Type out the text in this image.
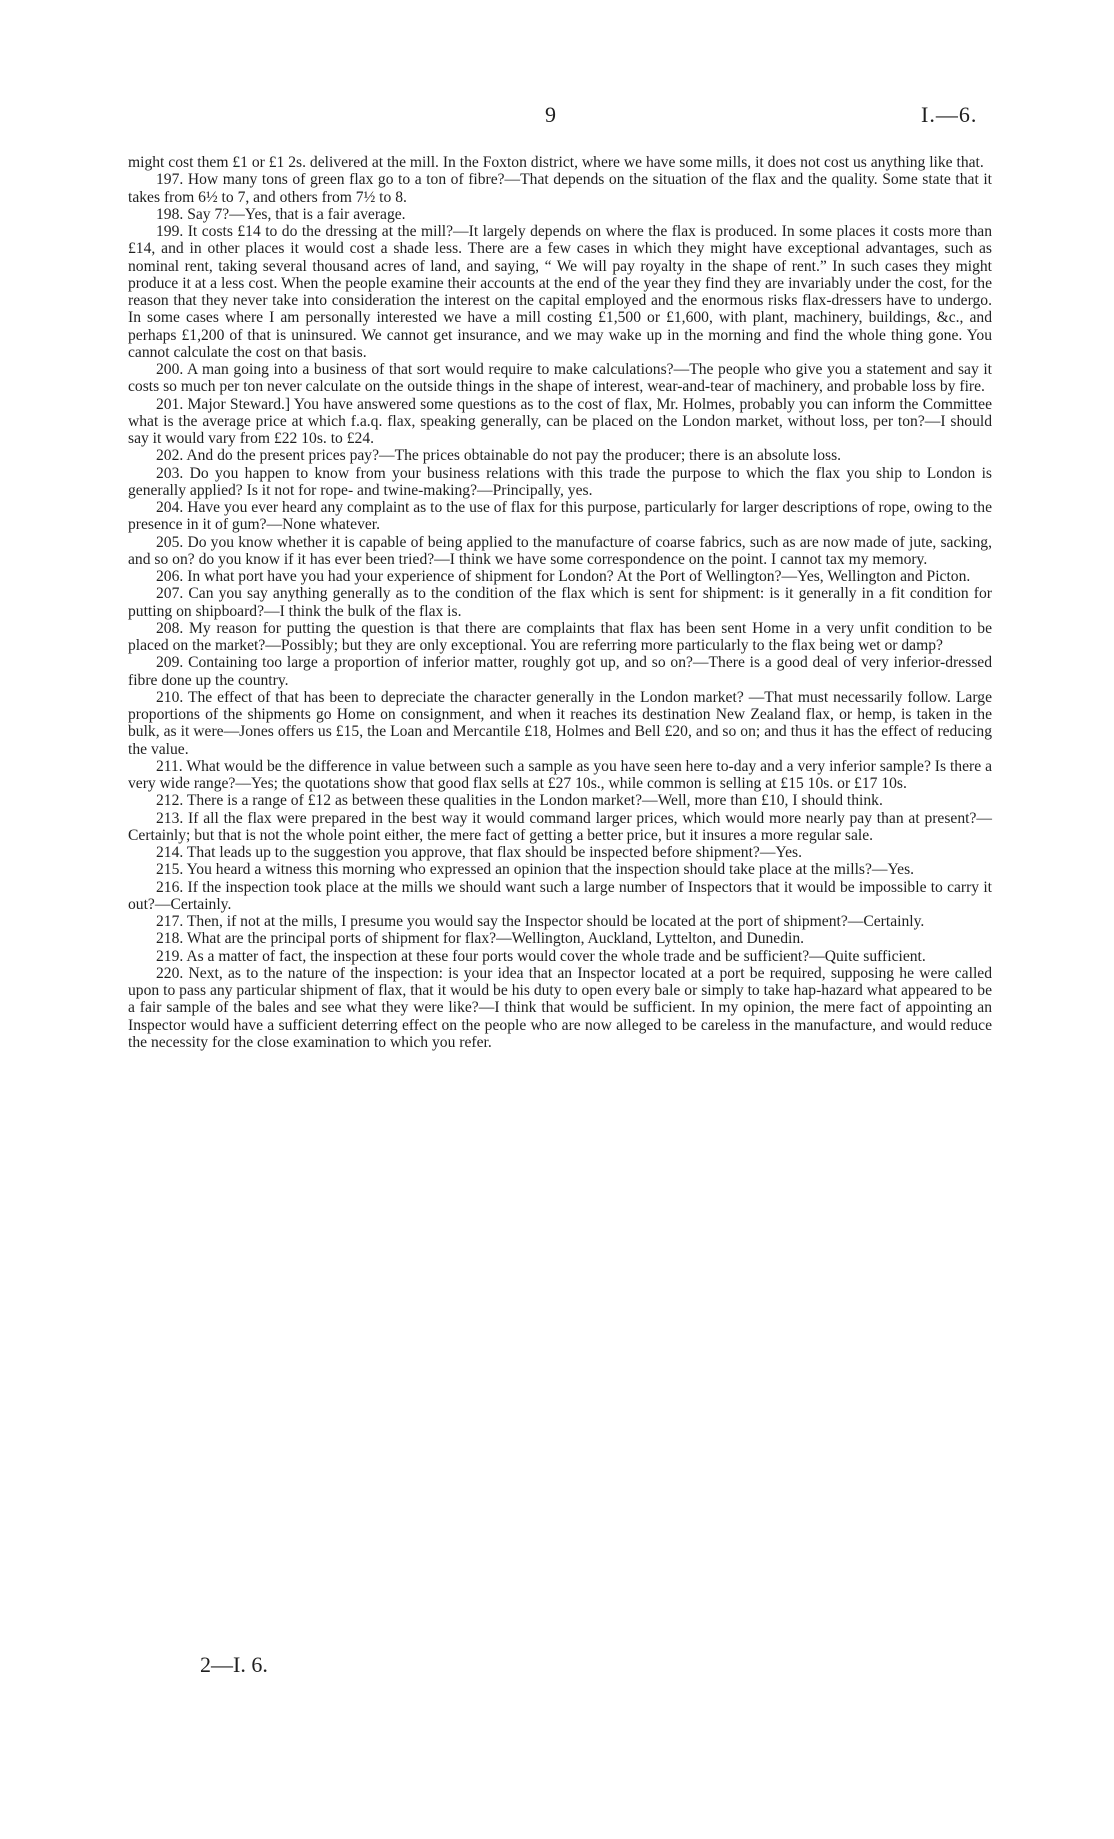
9	I.—6.

might cost them £1 or £1 2s. delivered at the mill. In the Foxton district, where we have some mills, it does not cost us anything like that.

197. How many tons of green flax go to a ton of fibre?—That depends on the situation of the flax and the quality. Some state that it takes from 6½ to 7, and others from 7½ to 8.

198. Say 7?—Yes, that is a fair average.

199. It costs £14 to do the dressing at the mill?—It largely depends on where the flax is produced. In some places it costs more than £14, and in other places it would cost a shade less. There are a few cases in which they might have exceptional advantages, such as nominal rent, taking several thousand acres of land, and saying, “ We will pay royalty in the shape of rent.” In such cases they might produce it at a less cost. When the people examine their accounts at the end of the year they find they are invariably under the cost, for the reason that they never take into consideration the interest on the capital employed and the enormous risks flax-dressers have to undergo. In some cases where I am personally interested we have a mill costing £1,500 or £1,600, with plant, machinery, buildings, &c., and perhaps £1,200 of that is uninsured. We cannot get insurance, and we may wake up in the morning and find the whole thing gone. You cannot calculate the cost on that basis.

200. A man going into a business of that sort would require to make calculations?—The people who give you a statement and say it costs so much per ton never calculate on the outside things in the shape of interest, wear-and-tear of machinery, and probable loss by fire.

201. Major Steward.] You have answered some questions as to the cost of flax, Mr. Holmes, probably you can inform the Committee what is the average price at which f.a.q. flax, speaking generally, can be placed on the London market, without loss, per ton?—I should say it would vary from £22 10s. to £24.

202. And do the present prices pay?—The prices obtainable do not pay the producer; there is an absolute loss.

203. Do you happen to know from your business relations with this trade the purpose to which the flax you ship to London is generally applied? Is it not for rope- and twine-making?—Principally, yes.

204. Have you ever heard any complaint as to the use of flax for this purpose, particularly for larger descriptions of rope, owing to the presence in it of gum?—None whatever.

205. Do you know whether it is capable of being applied to the manufacture of coarse fabrics, such as are now made of jute, sacking, and so on? do you know if it has ever been tried?—I think we have some correspondence on the point. I cannot tax my memory.

206. In what port have you had your experience of shipment for London? At the Port of Wellington?—Yes, Wellington and Picton.

207. Can you say anything generally as to the condition of the flax which is sent for shipment: is it generally in a fit condition for putting on shipboard?—I think the bulk of the flax is.

208. My reason for putting the question is that there are complaints that flax has been sent Home in a very unfit condition to be placed on the market?—Possibly; but they are only exceptional. You are referring more particularly to the flax being wet or damp?

209. Containing too large a proportion of inferior matter, roughly got up, and so on?—There is a good deal of very inferior-dressed fibre done up the country.

210. The effect of that has been to depreciate the character generally in the London market? —That must necessarily follow. Large proportions of the shipments go Home on consignment, and when it reaches its destination New Zealand flax, or hemp, is taken in the bulk, as it were—Jones offers us £15, the Loan and Mercantile £18, Holmes and Bell £20, and so on; and thus it has the effect of reducing the value.

211. What would be the difference in value between such a sample as you have seen here to-day and a very inferior sample? Is there a very wide range?—Yes; the quotations show that good flax sells at £27 10s., while common is selling at £15 10s. or £17 10s.

212. There is a range of £12 as between these qualities in the London market?—Well, more than £10, I should think.

213. If all the flax were prepared in the best way it would command larger prices, which would more nearly pay than at present?—Certainly; but that is not the whole point either, the mere fact of getting a better price, but it insures a more regular sale.

214. That leads up to the suggestion you approve, that flax should be inspected before shipment?—Yes.

215. You heard a witness this morning who expressed an opinion that the inspection should take place at the mills?—Yes.

216. If the inspection took place at the mills we should want such a large number of Inspectors that it would be impossible to carry it out?—Certainly.

217. Then, if not at the mills, I presume you would say the Inspector should be located at the port of shipment?—Certainly.

218. What are the principal ports of shipment for flax?—Wellington, Auckland, Lyttelton, and Dunedin.

219. As a matter of fact, the inspection at these four ports would cover the whole trade and be sufficient?—Quite sufficient.

220. Next, as to the nature of the inspection: is your idea that an Inspector located at a port be required, supposing he were called upon to pass any particular shipment of flax, that it would be his duty to open every bale or simply to take hap-hazard what appeared to be a fair sample of the bales and see what they were like?—I think that would be sufficient. In my opinion, the mere fact of appointing an Inspector would have a sufficient deterring effect on the people who are now alleged to be careless in the manufacture, and would reduce the necessity for the close examination to which you refer.

2—I. 6.
